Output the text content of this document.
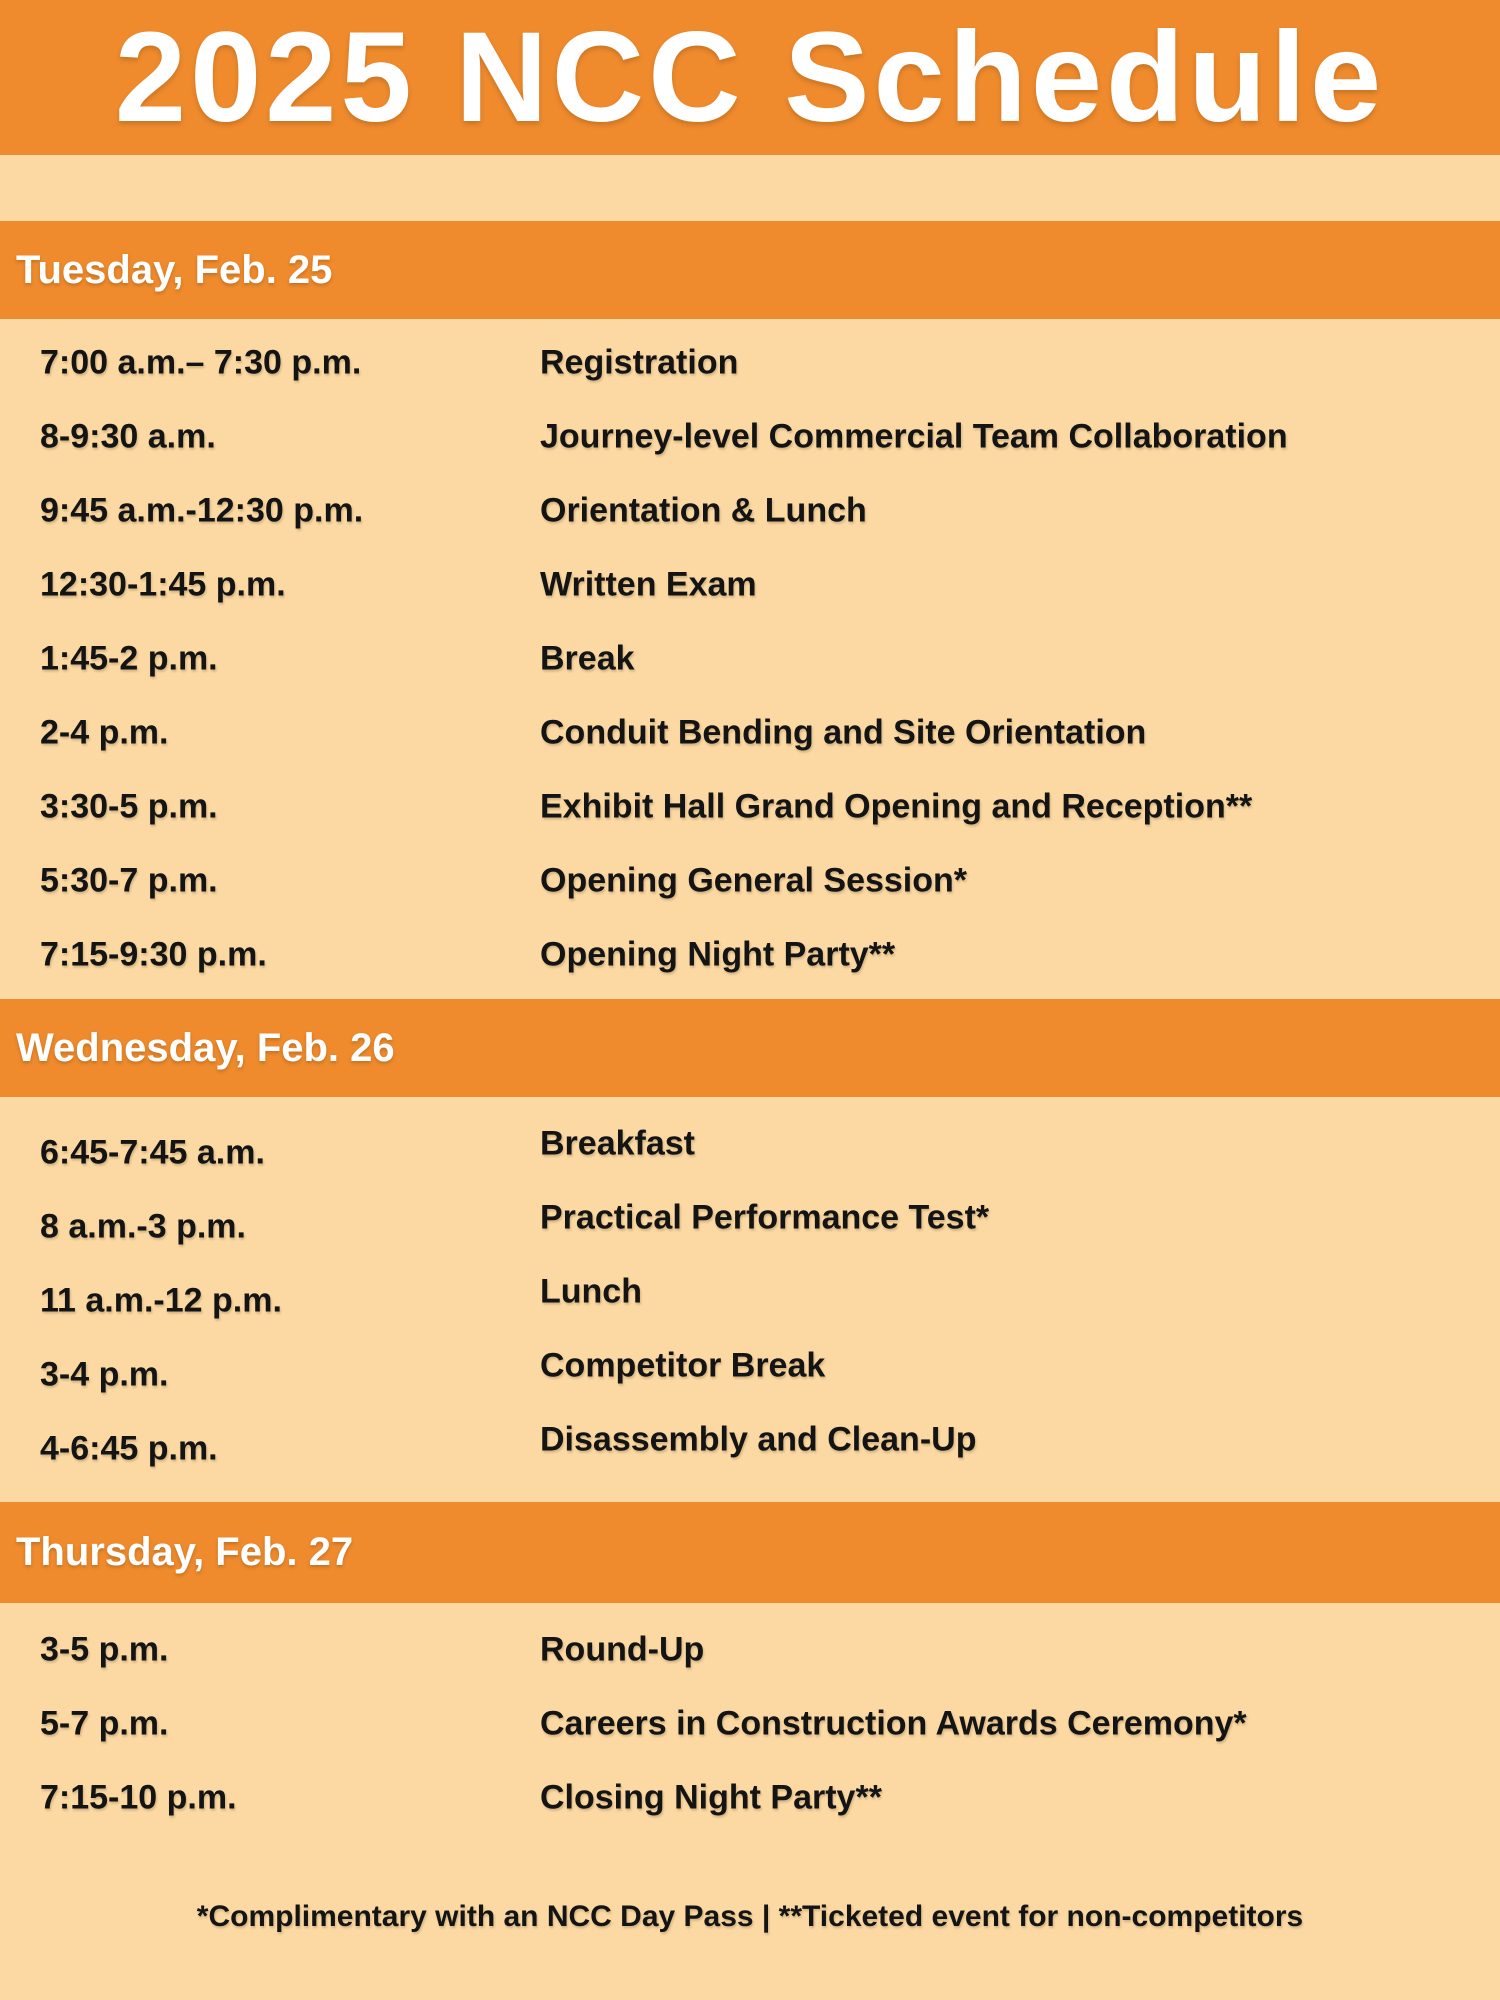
2025 NCC Schedule
Tuesday, Feb. 25
7:00 a.m.– 7:30 p.m.	Registration
8-9:30 a.m.	Journey-level Commercial Team Collaboration
9:45 a.m.-12:30 p.m.	Orientation & Lunch
12:30-1:45 p.m.	Written Exam
1:45-2 p.m.	Break
2-4 p.m.	Conduit Bending and Site Orientation
3:30-5 p.m.	Exhibit Hall Grand Opening and Reception**
5:30-7 p.m.	Opening General Session*
7:15-9:30 p.m.	Opening Night Party**
Wednesday, Feb. 26
6:45-7:45 a.m.	Breakfast
8 a.m.-3 p.m.	Practical Performance Test*
11 a.m.-12 p.m.	Lunch
3-4 p.m.	Competitor Break
4-6:45 p.m.	Disassembly and Clean-Up
Thursday, Feb. 27
3-5 p.m.	Round-Up
5-7 p.m.	Careers in Construction Awards Ceremony*
7:15-10 p.m.	Closing Night Party**
*Complimentary with an NCC Day Pass | **Ticketed event for non-competitors
